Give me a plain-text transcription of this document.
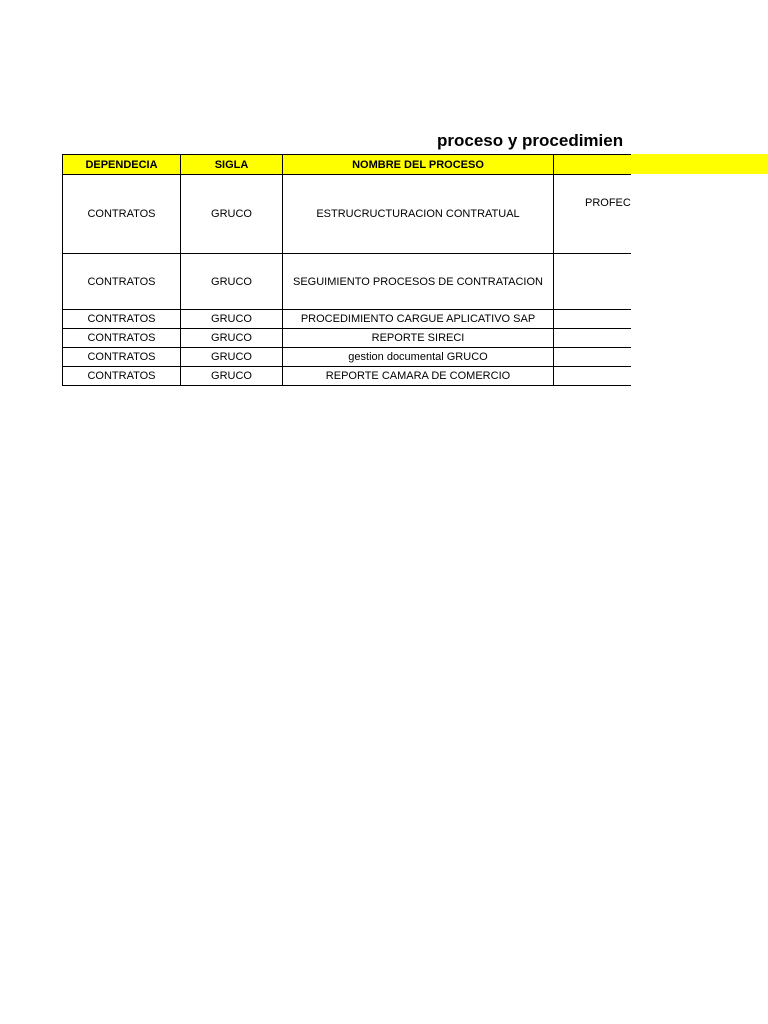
proceso y procedimien
DEPENDECIA	SIGLA	NOMBRE DEL PROCESO	
CONTRATOS	GRUCO	ESTRUCRUCTURACION CONTRATUAL	PROFEC

CONTRATOS	GRUCO	SEGUIMIENTO PROCESOS DE CONTRATACION	
CONTRATOS	GRUCO	PROCEDIMIENTO CARGUE APLICATIVO SAP	
CONTRATOS	GRUCO	REPORTE SIRECI	
CONTRATOS	GRUCO	gestion documental GRUCO	
CONTRATOS	GRUCO	REPORTE CAMARA DE COMERCIO	
